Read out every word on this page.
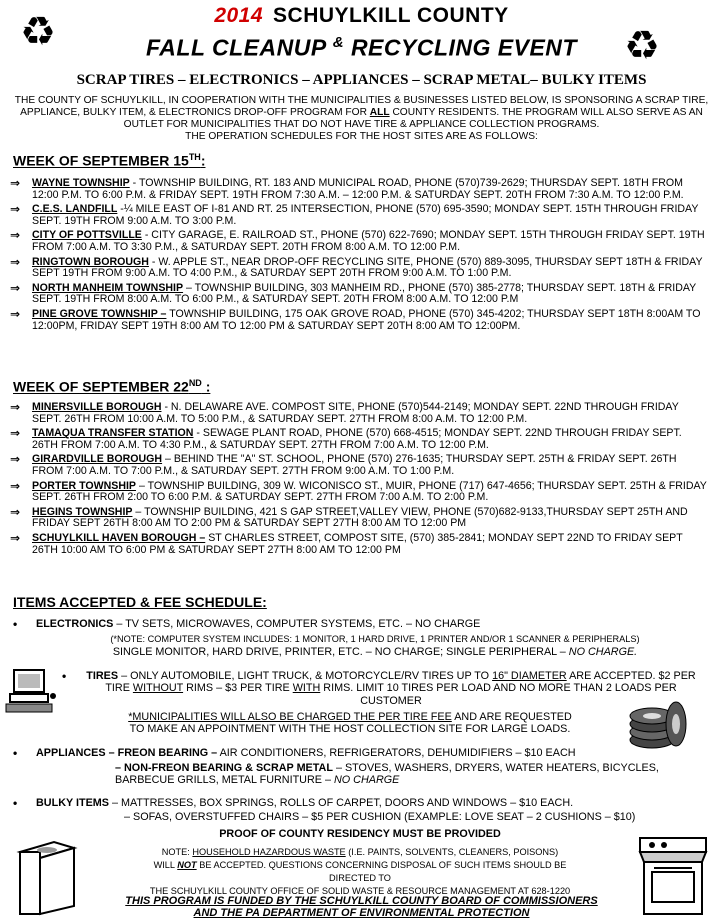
♻	♻
2014 SCHUYLKILL COUNTY
FALL CLEANUP & RECYCLING EVENT
SCRAP TIRES – ELECTRONICS – APPLIANCES – SCRAP METAL– BULKY ITEMS
THE COUNTY OF SCHUYLKILL, IN COOPERATION WITH THE MUNICIPALITIES & BUSINESSES LISTED BELOW, IS SPONSORING A SCRAP TIRE, APPLIANCE, BULKY ITEM, & ELECTRONICS DROP-OFF PROGRAM FOR ALL COUNTY RESIDENTS. THE PROGRAM WILL ALSO SERVE AS AN OUTLET FOR MUNICIPALITIES THAT DO NOT HAVE TIRE & APPLIANCE COLLECTION PROGRAMS.
THE OPERATION SCHEDULES FOR THE HOST SITES ARE AS FOLLOWS:
WEEK OF SEPTEMBER 15TH:
⇒ WAYNE TOWNSHIP - TOWNSHIP BUILDING, RT. 183 AND MUNICIPAL ROAD, PHONE (570)739-2629; THURSDAY SEPT. 18TH FROM 12:00 P.M. TO 6:00 P.M. & FRIDAY SEPT. 19TH FROM 7:30 A.M. – 12:00 P.M. & SATURDAY SEPT. 20TH FROM 7:30 A.M. TO 12:00 P.M.
⇒ C.E.S. LANDFILL -¼ MILE EAST OF I-81 AND RT. 25 INTERSECTION, PHONE (570) 695-3590; MONDAY SEPT. 15TH THROUGH FRIDAY SEPT. 19TH FROM 9:00 A.M. TO 3:00 P.M.
⇒ CITY OF POTTSVILLE - CITY GARAGE, E. RAILROAD ST., PHONE (570) 622-7690; MONDAY SEPT. 15TH THROUGH FRIDAY SEPT. 19TH FROM 7:00 A.M. TO 3:30 P.M., & SATURDAY SEPT. 20TH FROM 8:00 A.M. TO 12:00 P.M.
⇒ RINGTOWN BOROUGH - W. APPLE ST., NEAR DROP-OFF RECYCLING SITE, PHONE (570) 889-3095, THURSDAY SEPT 18TH & FRIDAY SEPT 19TH FROM 9:00 A.M. TO 4:00 P.M., & SATURDAY SEPT 20TH FROM 9:00 A.M. TO 1:00 P.M.
⇒ NORTH MANHEIM TOWNSHIP – TOWNSHIP BUILDING, 303 MANHEIM RD., PHONE (570) 385-2778; THURSDAY SEPT. 18TH & FRIDAY SEPT. 19TH FROM 8:00 A.M. TO 6:00 P.M., & SATURDAY SEPT. 20TH FROM 8:00 A.M. TO 12:00 P.M
⇒ PINE GROVE TOWNSHIP – TOWNSHIP BUILDING, 175 OAK GROVE ROAD, PHONE (570) 345-4202; THURSDAY SEPT 18TH 8:00AM TO 12:00PM, FRIDAY SEPT 19TH 8:00 AM TO 12:00 PM & SATURDAY SEPT 20TH 8:00 AM TO 12:00PM.
WEEK OF SEPTEMBER 22ND :
⇒ MINERSVILLE BOROUGH - N. DELAWARE AVE. COMPOST SITE, PHONE (570)544-2149; MONDAY SEPT. 22ND THROUGH FRIDAY SEPT. 26TH FROM 10:00 A.M. TO 5:00 P.M., & SATURDAY SEPT. 27TH FROM 8:00 A.M. TO 12:00 P.M.
⇒ TAMAQUA TRANSFER STATION - SEWAGE PLANT ROAD, PHONE (570) 668-4515; MONDAY SEPT. 22ND THROUGH FRIDAY SEPT. 26TH FROM 7:00 A.M. TO 4:30 P.M., & SATURDAY SEPT. 27TH FROM 7:00 A.M. TO 12:00 P.M.
⇒ GIRARDVILLE BOROUGH – BEHIND THE "A" ST. SCHOOL, PHONE (570) 276-1635; THURSDAY SEPT. 25TH & FRIDAY SEPT. 26TH FROM 7:00 A.M. TO 7:00 P.M., & SATURDAY SEPT. 27TH FROM 9:00 A.M. TO 1:00 P.M.
⇒ PORTER TOWNSHIP – TOWNSHIP BUILDING, 309 W. WICONISCO ST., MUIR, PHONE (717) 647-4656; THURSDAY SEPT. 25TH & FRIDAY SEPT. 26TH FROM 2:00 TO 6:00 P.M. & SATURDAY SEPT. 27TH FROM 7:00 A.M. TO 2:00 P.M.
⇒ HEGINS TOWNSHIP – TOWNSHIP BUILDING, 421 S GAP STREET,VALLEY VIEW, PHONE (570)682-9133,THURSDAY SEPT 25TH AND FRIDAY SEPT 26TH 8:00 AM TO 2:00 PM & SATURDAY SEPT 27TH 8:00 AM TO 12:00 PM
⇒ SCHUYLKILL HAVEN BOROUGH – ST CHARLES STREET, COMPOST SITE, (570) 385-2841; MONDAY SEPT 22ND TO FRIDAY SEPT 26TH 10:00 AM TO 6:00 PM & SATURDAY SEPT 27TH 8:00 AM TO 12:00 PM
ITEMS ACCEPTED & FEE SCHEDULE:
• ELECTRONICS – TV SETS, MICROWAVES, COMPUTER SYSTEMS, ETC. – NO CHARGE
(*NOTE: COMPUTER SYSTEM INCLUDES: 1 MONITOR, 1 HARD DRIVE, 1 PRINTER AND/OR 1 SCANNER & PERIPHERALS)
SINGLE MONITOR, HARD DRIVE, PRINTER, ETC. – NO CHARGE; SINGLE PERIPHERAL – NO CHARGE.
•	TIRES – ONLY AUTOMOBILE, LIGHT TRUCK, & MOTORCYCLE/RV TIRES UP TO 16" DIAMETER ARE ACCEPTED. $2 PER TIRE WITHOUT RIMS – $3 PER TIRE WITH RIMS. LIMIT 10 TIRES PER LOAD AND NO MORE THAN 2 LOADS PER CUSTOMER
*MUNICIPALITIES WILL ALSO BE CHARGED THE PER TIRE FEE AND ARE REQUESTED TO MAKE AN APPOINTMENT WITH THE HOST COLLECTION SITE FOR LARGE LOADS.
• APPLIANCES – FREON BEARING – AIR CONDITIONERS, REFRIGERATORS, DEHUMIDIFIERS – $10 EACH
– NON-FREON BEARING & SCRAP METAL – STOVES, WASHERS, DRYERS, WATER HEATERS, BICYCLES, BARBECUE GRILLS, METAL FURNITURE – NO CHARGE
• BULKY ITEMS – MATTRESSES, BOX SPRINGS, ROLLS OF CARPET, DOORS AND WINDOWS – $10 EACH.
– SOFAS, OVERSTUFFED CHAIRS – $5 PER CUSHION (EXAMPLE: LOVE SEAT – 2 CUSHIONS – $10)
PROOF OF COUNTY RESIDENCY MUST BE PROVIDED
NOTE: HOUSEHOLD HAZARDOUS WASTE (I.E. PAINTS, SOLVENTS, CLEANERS, POISONS)
WILL NOT BE ACCEPTED. QUESTIONS CONCERNING DISPOSAL OF SUCH ITEMS SHOULD BE DIRECTED TO
THE SCHUYLKILL COUNTY OFFICE OF SOLID WASTE & RESOURCE MANAGEMENT AT 628-1220
THIS PROGRAM IS FUNDED BY THE SCHUYLKILL COUNTY BOARD OF COMMISSIONERS
AND THE PA DEPARTMENT OF ENVIRONMENTAL PROTECTION
